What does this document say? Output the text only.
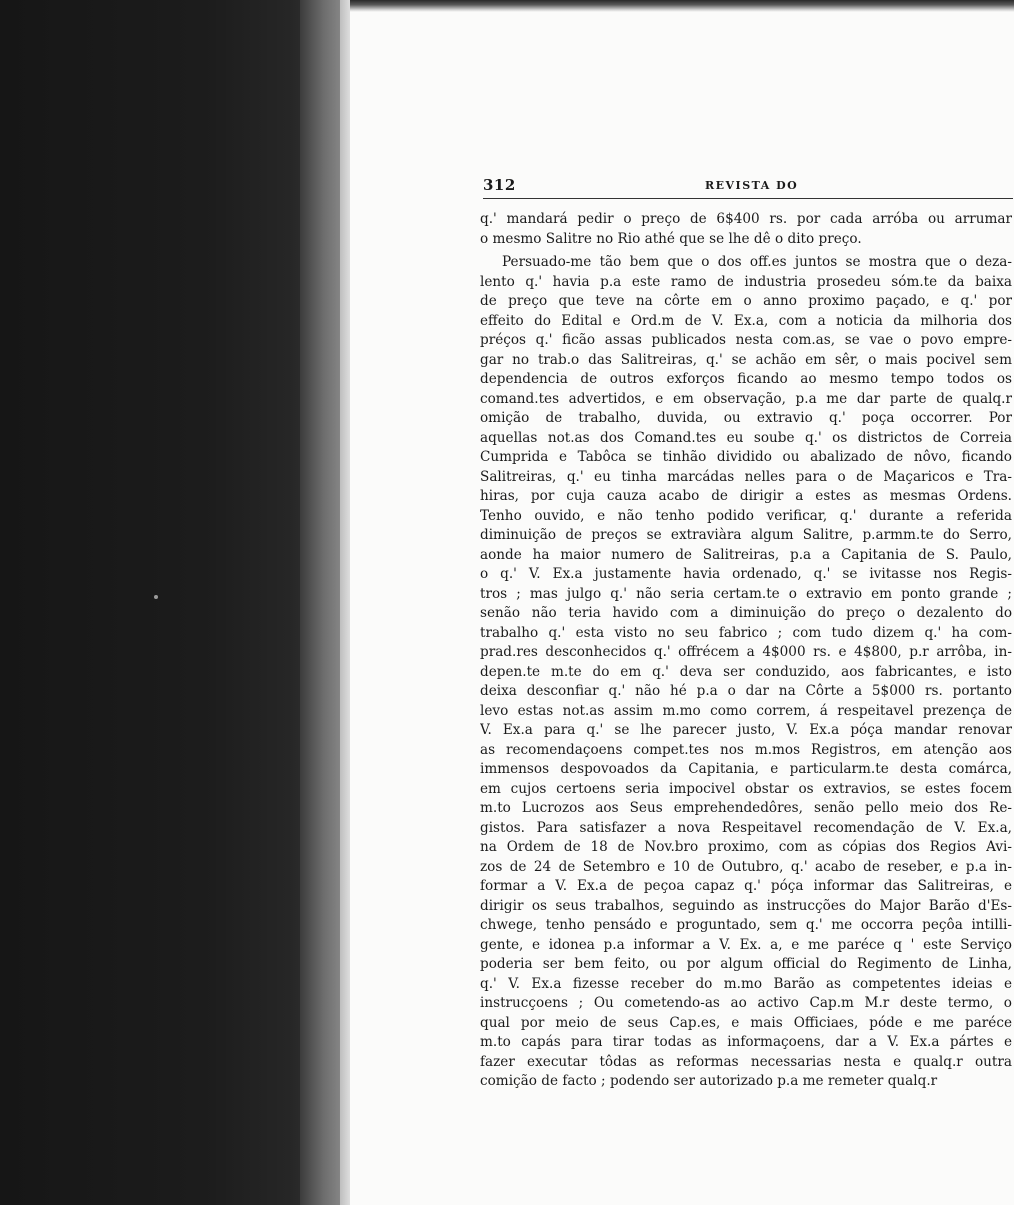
312	REVISTA DO
q.' mandará pedir o preço de 6$400 rs. por cada arróba ou arrumar
o mesmo Salitre no Rio athé que se lhe dê o dito preço.
Persuado-me tão bem que o dos off.es juntos se mostra que o deza-
lento q.' havia p.a este ramo de industria prosedeu sóm.te da baixa
de preço que teve na côrte em o anno proximo paçado, e q.' por
effeito do Edital e Ord.m de V. Ex.a, com a noticia da milhoria dos
préços q.' ficão assas publicados nesta com.as, se vae o povo empre-
gar no trab.o das Salitreiras, q.' se achão em sêr, o mais pocivel sem
dependencia de outros exforços ficando ao mesmo tempo todos os
comand.tes advertidos, e em observação, p.a me dar parte de qualq.r
omição de trabalho, duvida, ou extravio q.' poça occorrer. Por
aquellas not.as dos Comand.tes eu soube q.' os districtos de Correia
Cumprida e Tabôca se tinhão dividido ou abalizado de nôvo, ficando
Salitreiras, q.' eu tinha marcádas nelles para o de Maçaricos e Tra-
hiras, por cuja cauza acabo de dirigir a estes as mesmas Ordens.
Tenho ouvido, e não tenho podido verificar, q.' durante a referida
diminuição de preços se extraviàra algum Salitre, p.armm.te do Serro,
aonde ha maior numero de Salitreiras, p.a a Capitania de S. Paulo,
o q.' V. Ex.a justamente havia ordenado, q.' se ivitasse nos Regis-
tros ; mas julgo q.' não seria certam.te o extravio em ponto grande ;
senão não teria havido com a diminuição do preço o dezalento do
trabalho q.' esta visto no seu fabrico ; com tudo dizem q.' ha com-
prad.res desconhecidos q.' offrécem a 4$000 rs. e 4$800, p.r arrôba, in-
depen.te m.te do em q.' deva ser conduzido, aos fabricantes, e isto
deixa desconfiar q.' não hé p.a o dar na Côrte a 5$000 rs. portanto
levo estas not.as assim m.mo como correm, á respeitavel prezença de
V. Ex.a para q.' se lhe parecer justo, V. Ex.a póça mandar renovar
as recomendaçoens compet.tes nos m.mos Registros, em atenção aos
immensos despovoados da Capitania, e particularm.te desta comárca,
em cujos certoens seria impocivel obstar os extravios, se estes focem
m.to Lucrozos aos Seus emprehendedôres, senão pello meio dos Re-
gistos. Para satisfazer a nova Respeitavel recomendação de V. Ex.a,
na Ordem de 18 de Nov.bro proximo, com as cópias dos Regios Avi-
zos de 24 de Setembro e 10 de Outubro, q.' acabo de reseber, e p.a in-
formar a V. Ex.a de peçoa capaz q.' póça informar das Salitreiras, e
dirigir os seus trabalhos, seguindo as instrucções do Major Barão d'Es-
chwege, tenho pensádo e proguntado, sem q.' me occorra peçôa intilli-
gente, e idonea p.a informar a V. Ex. a, e me paréce q ' este Serviço
poderia ser bem feito, ou por algum official do Regimento de Linha,
q.' V. Ex.a fizesse receber do m.mo Barão as competentes ideias e
instrucçoens ; Ou cometendo-as ao activo Cap.m M.r deste termo, o
qual por meio de seus Cap.es, e mais Officiaes, póde e me paréce
m.to capás para tirar todas as informaçoens, dar a V. Ex.a pártes e
fazer executar tôdas as reformas necessarias nesta e qualq.r outra
comição de facto ; podendo ser autorizado p.a me remeter qualq.r
